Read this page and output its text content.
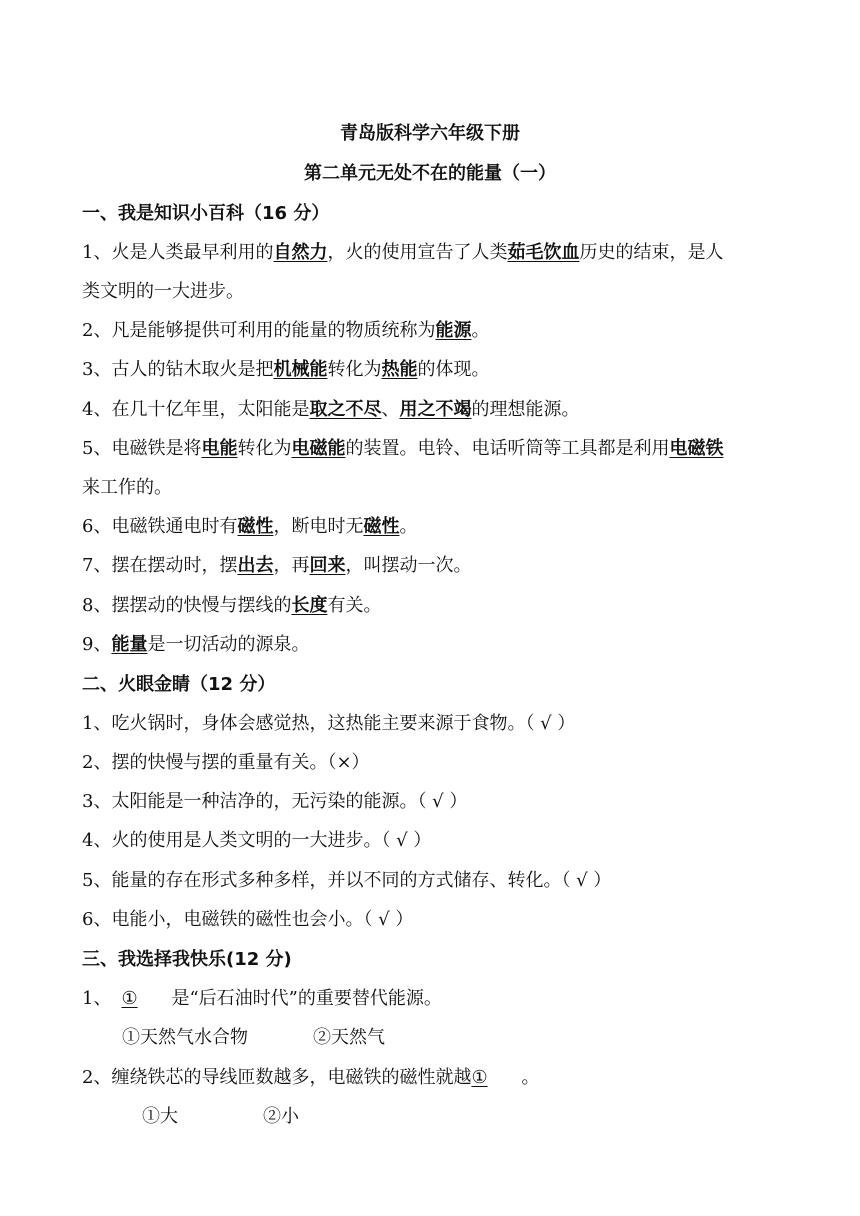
青岛版科学六年级下册
第二单元无处不在的能量（一）
一、我是知识小百科（16 分）
1、火是人类最早利用的自然力，火的使用宣告了人类茹毛饮血历史的结束，是人
类文明的一大进步。
2、凡是能够提供可利用的能量的物质统称为能源。
3、古人的钻木取火是把机械能转化为热能的体现。
4、在几十亿年里，太阳能是取之不尽、用之不竭的理想能源。
5、电磁铁是将电能转化为电磁能的装置。电铃、电话听筒等工具都是利用电磁铁
来工作的。
6、电磁铁通电时有磁性，断电时无磁性。
7、摆在摆动时，摆出去，再回来，叫摆动一次。
8、摆摆动的快慢与摆线的长度有关。
9、能量是一切活动的源泉。
二、火眼金睛（12 分）
1、吃火锅时，身体会感觉热，这热能主要来源于食物。（ √ ）
2、摆的快慢与摆的重量有关。（×）
3、太阳能是一种洁净的，无污染的能源。（ √ ）
4、火的使用是人类文明的一大进步。（ √ ）
5、能量的存在形式多种多样，并以不同的方式储存、转化。（ √ ）
6、电能小，电磁铁的磁性也会小。（ √ ）
三、我选择我快乐(12 分)
1、①是“后石油时代”的重要替代能源。
①天然气水合物	②天然气
2、缠绕铁芯的导线匝数越多，电磁铁的磁性就越①。
①大	②小
